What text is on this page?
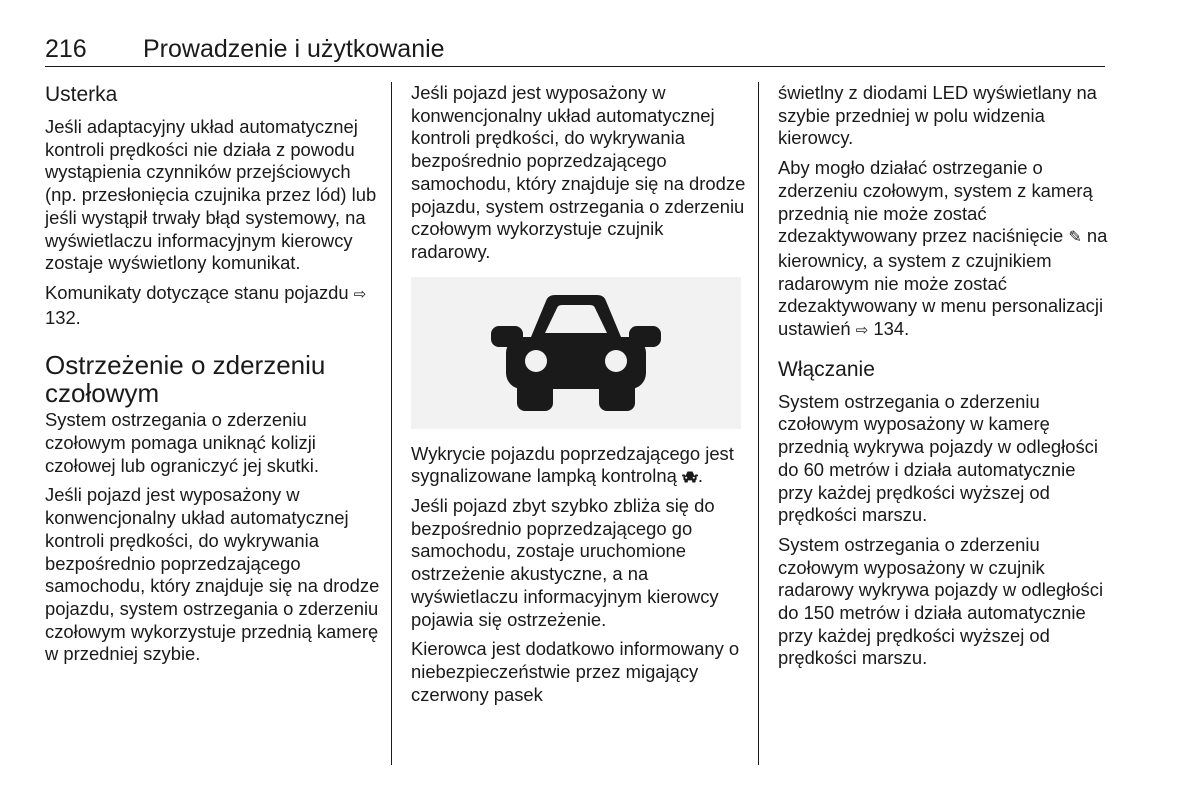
216 Prowadzenie i użytkowanie
Usterka

Jeśli adaptacyjny układ automatycznej kontroli prędkości nie działa z powodu wystąpienia czynników przejściowych (np. przesłonięcia czujnika przez lód) lub jeśli wystąpił trwały błąd systemowy, na wyświetlaczu informacyjnym kierowcy zostaje wyświetlony komunikat.

Komunikaty dotyczące stanu pojazdu ⇨ 132.

Ostrzeżenie o zderzeniu czołowym

System ostrzegania o zderzeniu czołowym pomaga uniknąć kolizji czołowej lub ograniczyć jej skutki.

Jeśli pojazd jest wyposażony w konwencjonalny układ automatycznej kontroli prędkości, do wykrywania bezpośrednio poprzedzającego samochodu, który znajduje się na drodze pojazdu, system ostrzegania o zderzeniu czołowym wykorzystuje przednią kamerę w przedniej szybie.

Jeśli pojazd jest wyposażony w konwencjonalny układ automatycznej kontroli prędkości, do wykrywania bezpośrednio poprzedzającego samochodu, który znajduje się na drodze pojazdu, system ostrzegania o zderzeniu czołowym wykorzystuje czujnik radarowy.

Wykrycie pojazdu poprzedzającego jest sygnalizowane lampką kontrolną .

Jeśli pojazd zbyt szybko zbliża się do bezpośrednio poprzedzającego go samochodu, zostaje uruchomione ostrzeżenie akustyczne, a na wyświetlaczu informacyjnym kierowcy pojawia się ostrzeżenie.

Kierowca jest dodatkowo informowany o niebezpieczeństwie przez migający czerwony pasek

świetlny z diodami LED wyświetlany na szybie przedniej w polu widzenia kierowcy.

Aby mogło działać ostrzeganie o zderzeniu czołowym, system z kamerą przednią nie może zostać zdezaktywowany przez naciśnięcie ✎ na kierownicy, a system z czujnikiem radarowym nie może zostać zdezaktywowany w menu personalizacji ustawień ⇨ 134.

Włączanie

System ostrzegania o zderzeniu czołowym wyposażony w kamerę przednią wykrywa pojazdy w odległości do 60 metrów i działa automatycznie przy każdej prędkości wyższej od prędkości marszu.

System ostrzegania o zderzeniu czołowym wyposażony w czujnik radarowy wykrywa pojazdy w odległości do 150 metrów i działa automatycznie przy każdej prędkości wyższej od prędkości marszu.
